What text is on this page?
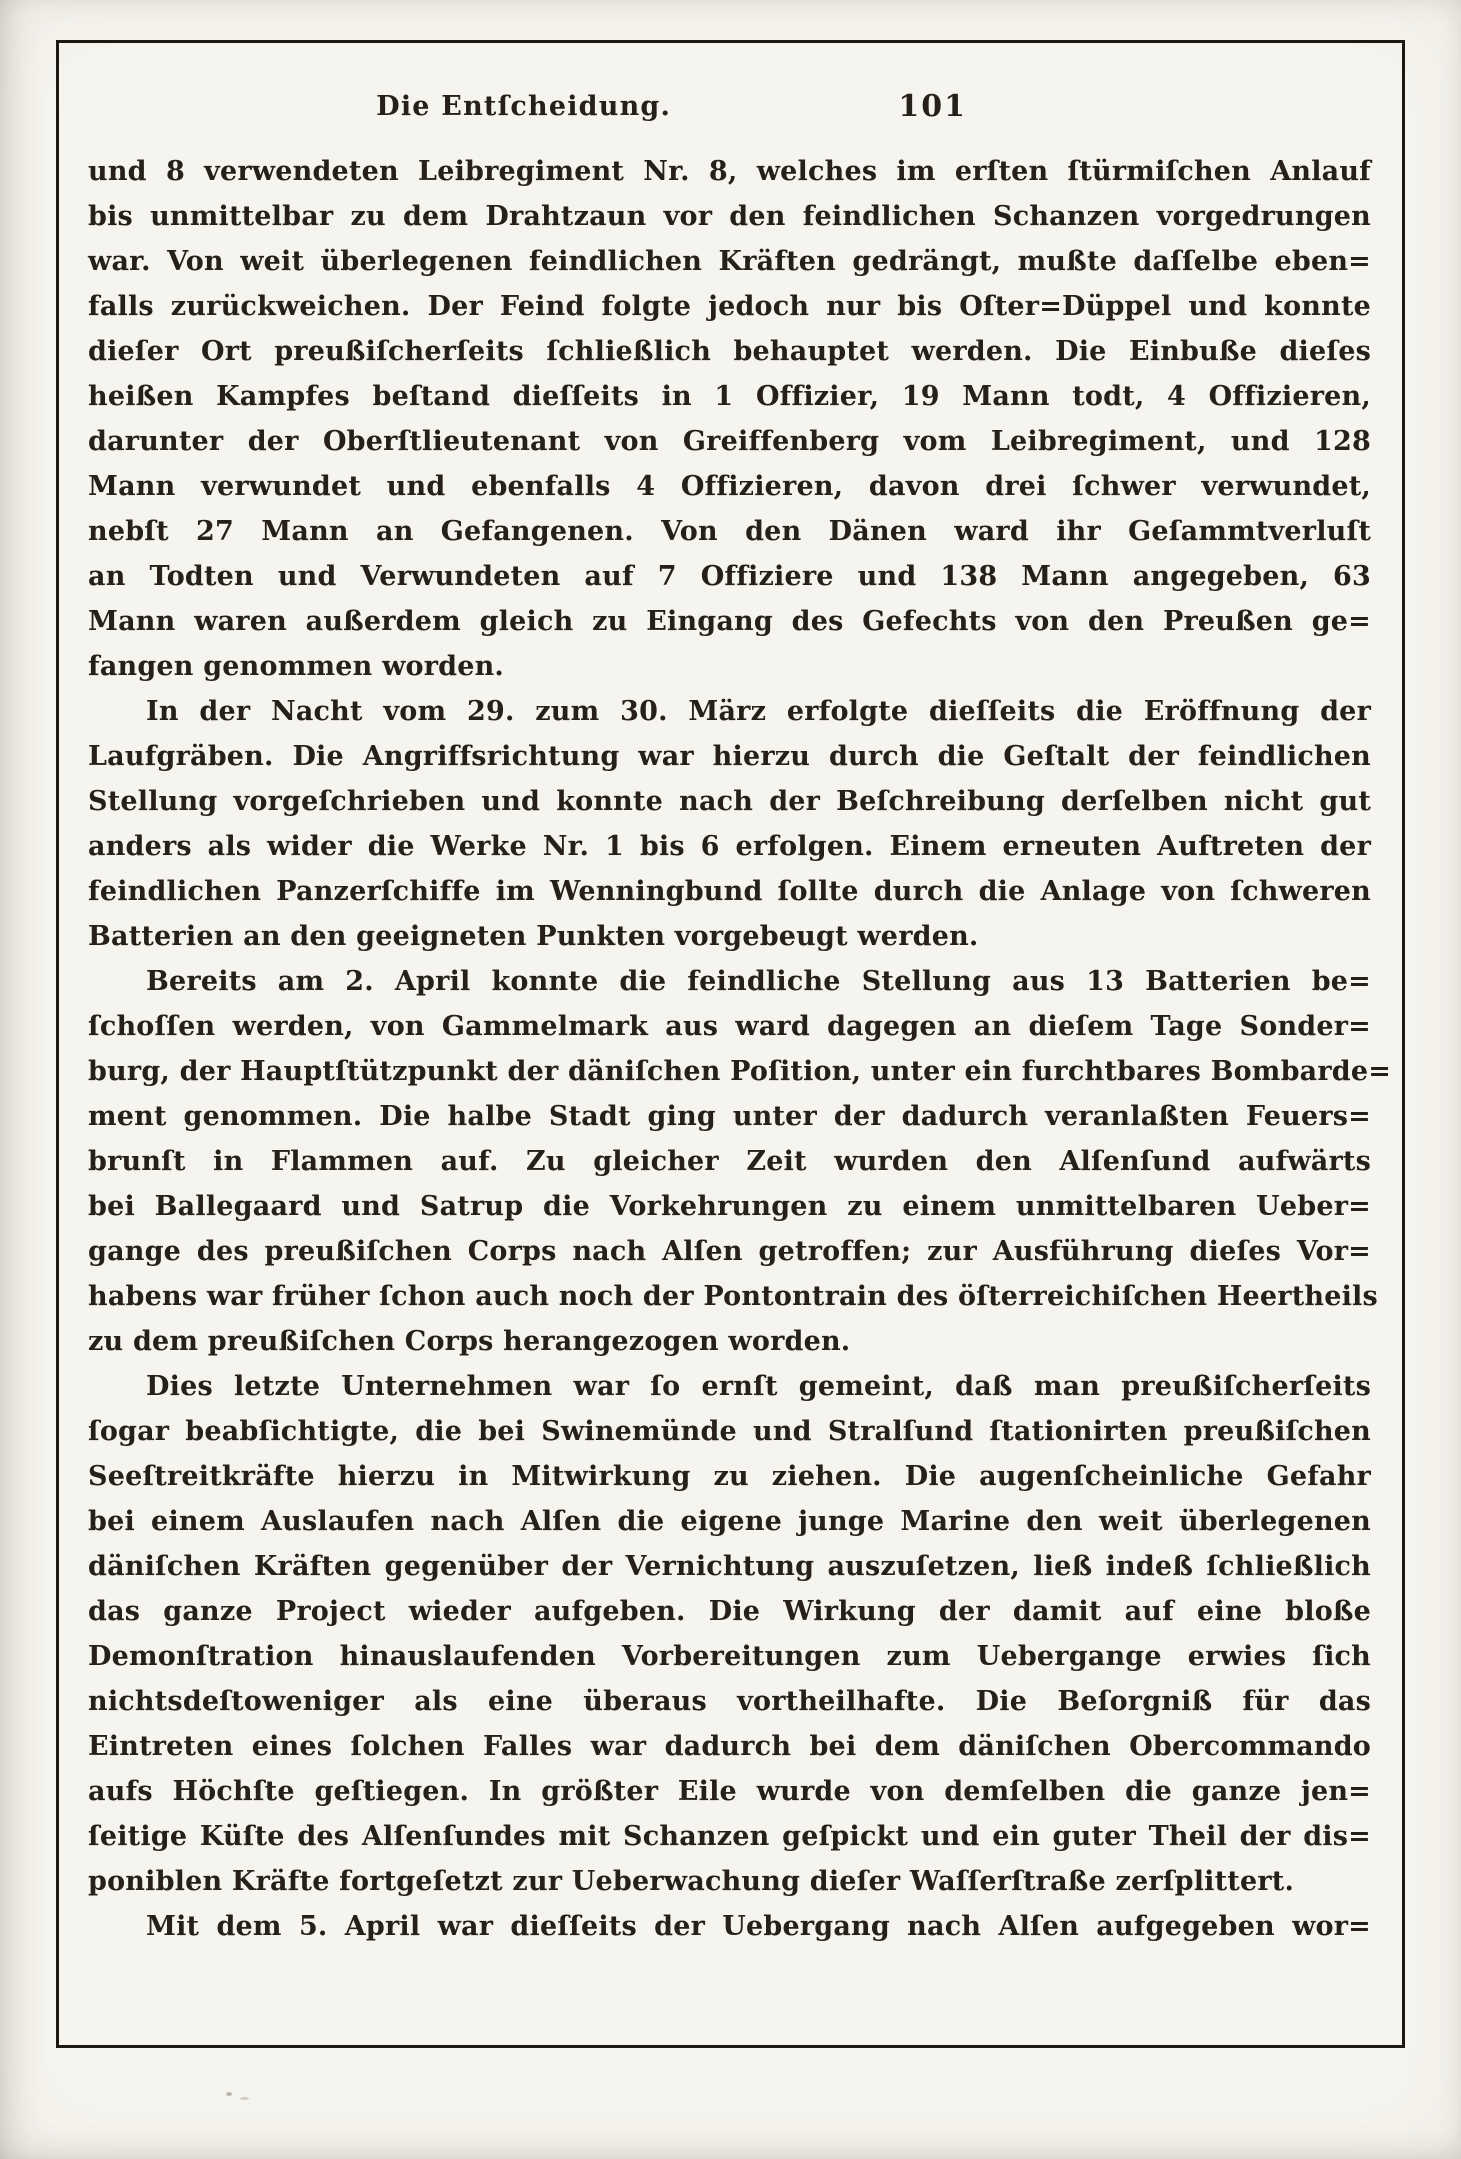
Die Entſcheidung.	101
und 8 verwendeten Leibregiment Nr. 8, welches im erſten ſtürmiſchen Anlauf
bis unmittelbar zu dem Drahtzaun vor den feindlichen Schanzen vorgedrungen
war. Von weit überlegenen feindlichen Kräften gedrängt, mußte daſſelbe eben=
falls zurückweichen. Der Feind folgte jedoch nur bis Oſter=Düppel und konnte
dieſer Ort preußiſcherſeits ſchließlich behauptet werden. Die Einbuße dieſes
heißen Kampfes beſtand dieſſeits in 1 Offizier, 19 Mann todt, 4 Offizieren,
darunter der Oberſtlieutenant von Greiffenberg vom Leibregiment, und 128
Mann verwundet und ebenfalls 4 Offizieren, davon drei ſchwer verwundet,
nebſt 27 Mann an Gefangenen. Von den Dänen ward ihr Geſammtverluſt
an Todten und Verwundeten auf 7 Offiziere und 138 Mann angegeben, 63
Mann waren außerdem gleich zu Eingang des Gefechts von den Preußen ge=
fangen genommen worden.
In der Nacht vom 29. zum 30. März erfolgte dieſſeits die Eröffnung der
Laufgräben. Die Angriffsrichtung war hierzu durch die Geſtalt der feindlichen
Stellung vorgeſchrieben und konnte nach der Beſchreibung derſelben nicht gut
anders als wider die Werke Nr. 1 bis 6 erfolgen. Einem erneuten Auftreten der
feindlichen Panzerſchiffe im Wenningbund ſollte durch die Anlage von ſchweren
Batterien an den geeigneten Punkten vorgebeugt werden.
Bereits am 2. April konnte die feindliche Stellung aus 13 Batterien be=
ſchoſſen werden, von Gammelmark aus ward dagegen an dieſem Tage Sonder=
burg, der Hauptſtützpunkt der däniſchen Poſition, unter ein furchtbares Bombarde=
ment genommen. Die halbe Stadt ging unter der dadurch veranlaßten Feuers=
brunſt in Flammen auf. Zu gleicher Zeit wurden den Alſenſund aufwärts
bei Ballegaard und Satrup die Vorkehrungen zu einem unmittelbaren Ueber=
gange des preußiſchen Corps nach Alſen getroffen; zur Ausführung dieſes Vor=
habens war früher ſchon auch noch der Pontontrain des öſterreichiſchen Heertheils
zu dem preußiſchen Corps herangezogen worden.
Dies letzte Unternehmen war ſo ernſt gemeint, daß man preußiſcherſeits
ſogar beabſichtigte, die bei Swinemünde und Stralſund ſtationirten preußiſchen
Seeſtreitkräfte hierzu in Mitwirkung zu ziehen. Die augenſcheinliche Gefahr
bei einem Auslaufen nach Alſen die eigene junge Marine den weit überlegenen
däniſchen Kräften gegenüber der Vernichtung auszuſetzen, ließ indeß ſchließlich
das ganze Project wieder aufgeben. Die Wirkung der damit auf eine bloße
Demonſtration hinauslaufenden Vorbereitungen zum Uebergange erwies ſich
nichtsdeſtoweniger als eine überaus vortheilhafte. Die Beſorgniß für das
Eintreten eines ſolchen Falles war dadurch bei dem däniſchen Obercommando
aufs Höchſte geſtiegen. In größter Eile wurde von demſelben die ganze jen=
ſeitige Küſte des Alſenſundes mit Schanzen geſpickt und ein guter Theil der dis=
poniblen Kräfte fortgeſetzt zur Ueberwachung dieſer Waſſerſtraße zerſplittert.
Mit dem 5. April war dieſſeits der Uebergang nach Alſen aufgegeben wor=
